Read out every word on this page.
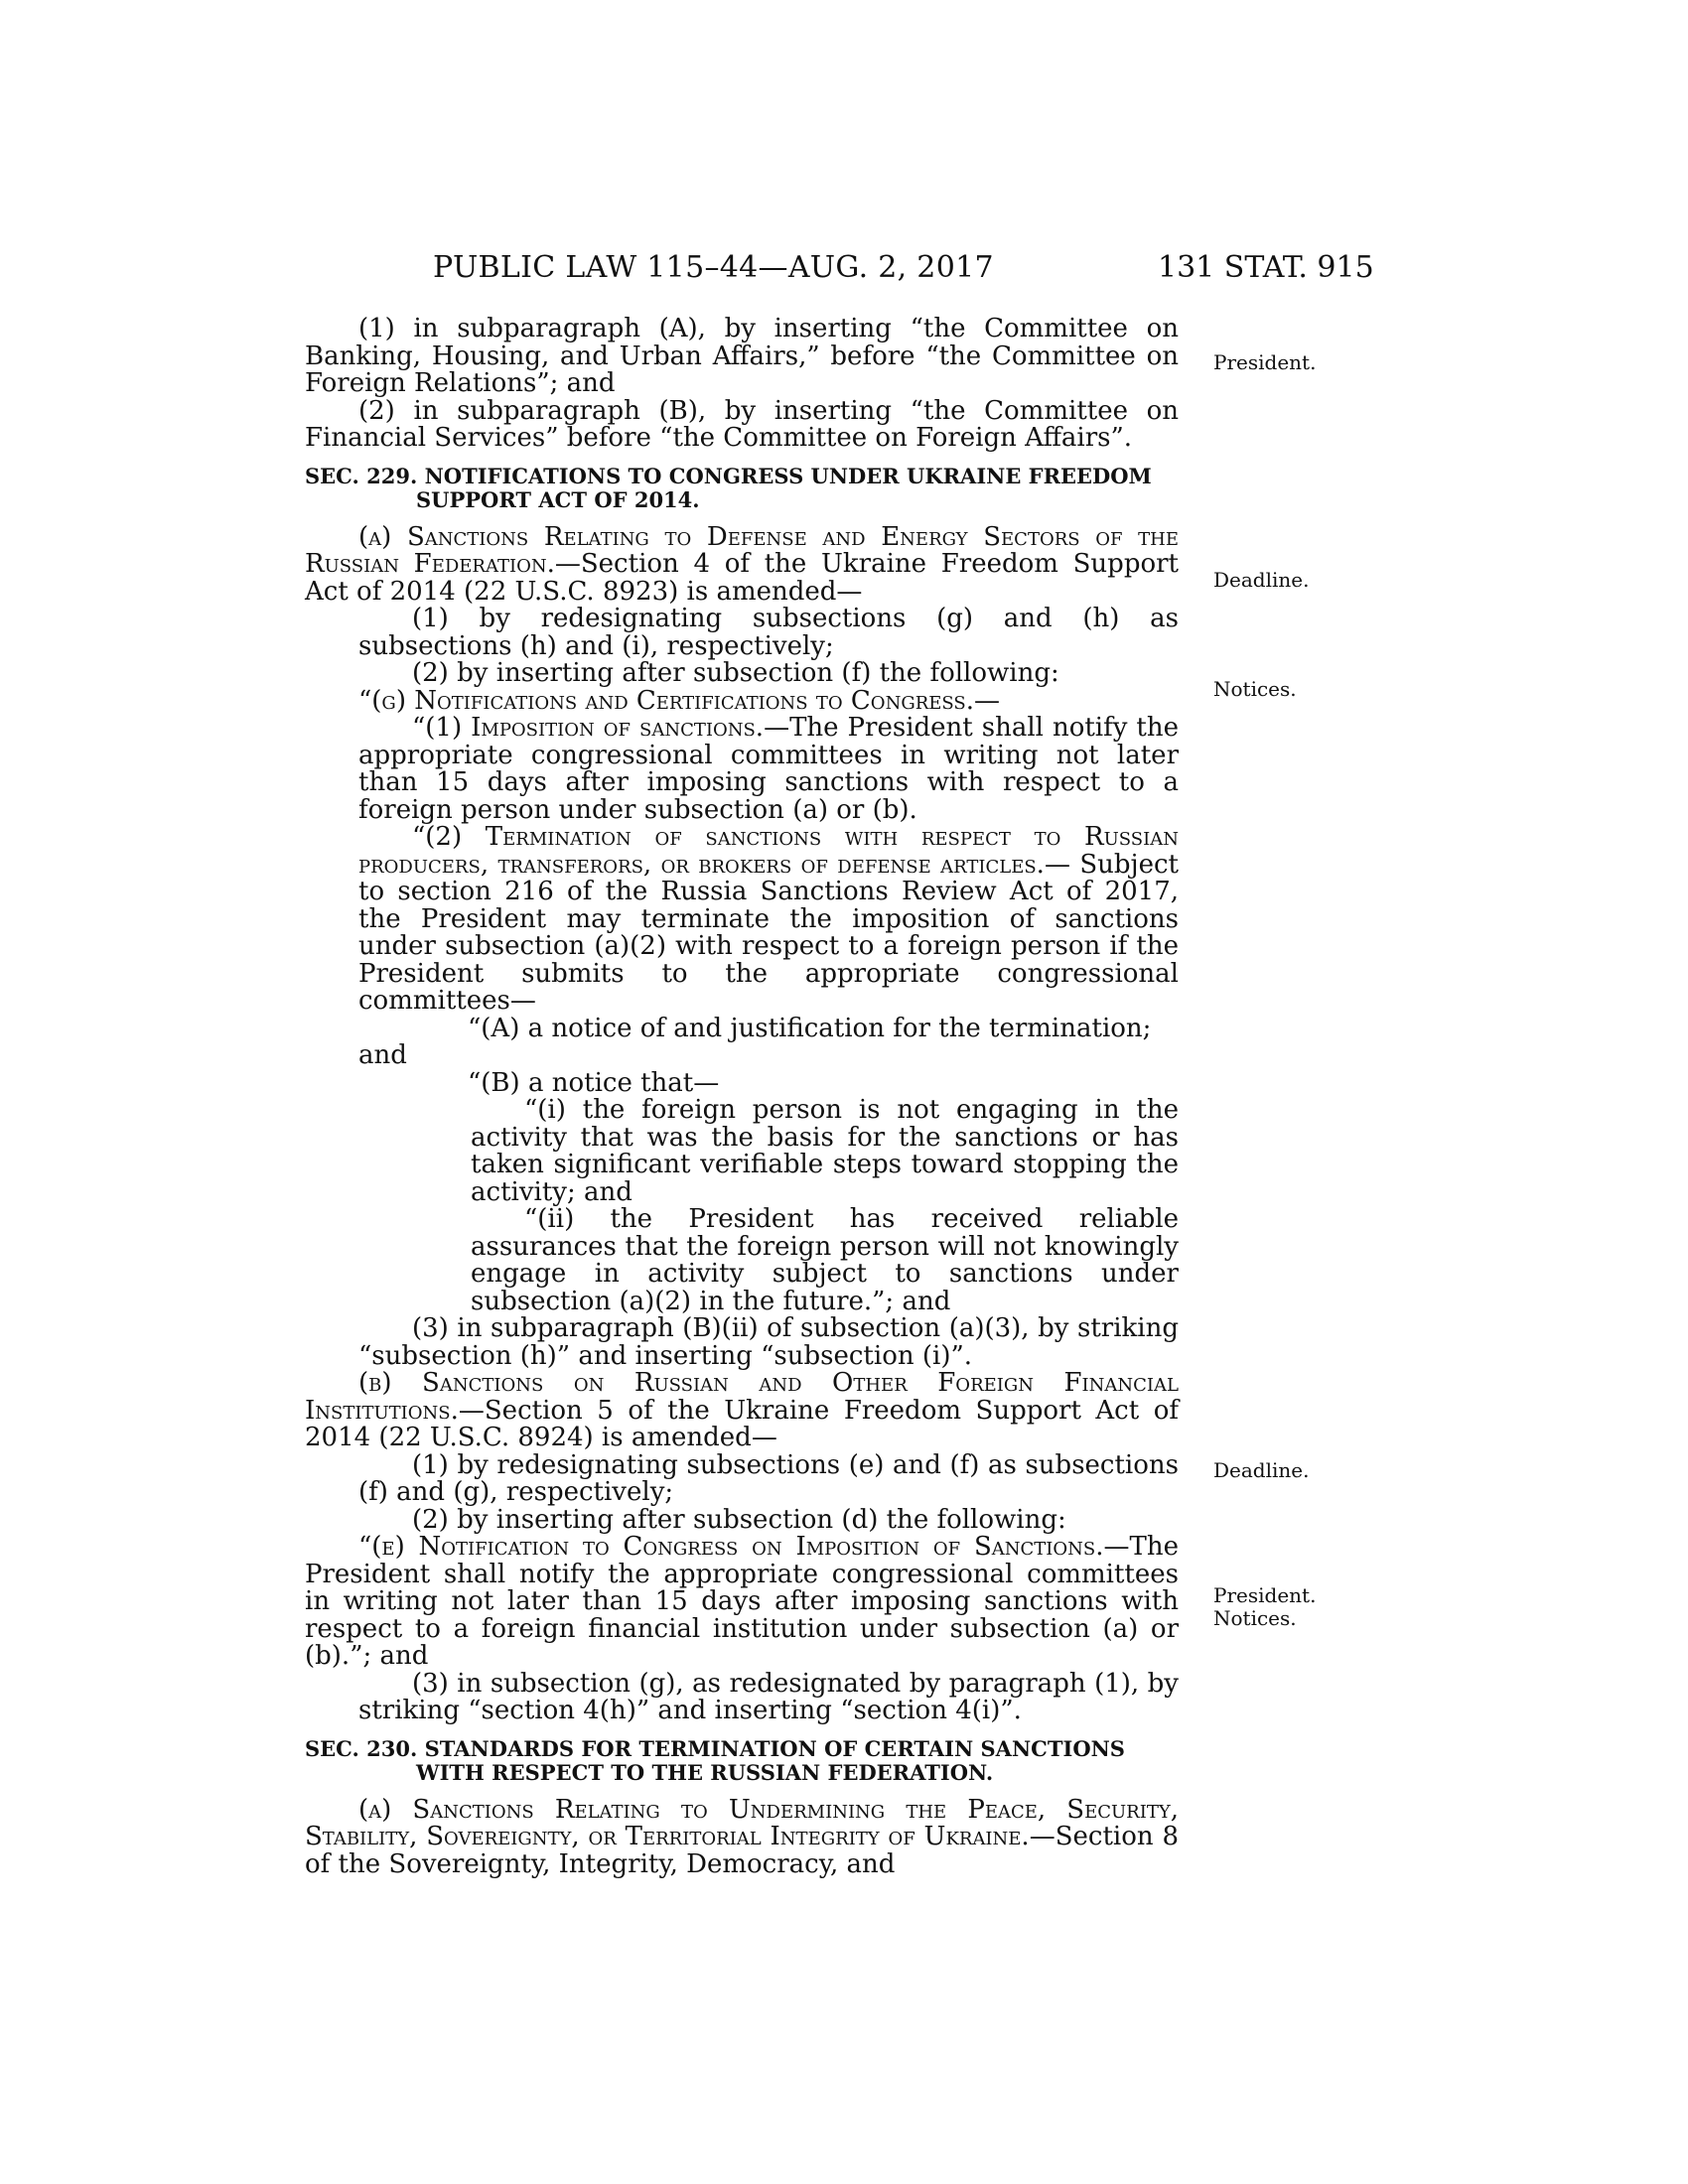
PUBLIC LAW 115–44—AUG. 2, 2017	131 STAT. 915

(1) in subparagraph (A), by inserting “the Committee on Banking, Housing, and Urban Affairs,” before “the Committee on Foreign Relations”; and

(2) in subparagraph (B), by inserting “the Committee on Financial Services” before “the Committee on Foreign Affairs”.

SEC. 229. NOTIFICATIONS TO CONGRESS UNDER UKRAINE FREEDOM SUPPORT ACT OF 2014.

(a) Sanctions Relating to Defense and Energy Sectors of the Russian Federation.—Section 4 of the Ukraine Freedom Support Act of 2014 (22 U.S.C. 8923) is amended—

(1) by redesignating subsections (g) and (h) as subsections (h) and (i), respectively;

(2) by inserting after subsection (f) the following:

“(g) Notifications and Certifications to Congress.—

“(1) Imposition of sanctions.—The President shall notify the appropriate congressional committees in writing not later than 15 days after imposing sanctions with respect to a foreign person under subsection (a) or (b).

“(2) Termination of sanctions with respect to Russian producers, transferors, or brokers of defense articles.— Subject to section 216 of the Russia Sanctions Review Act of 2017, the President may terminate the imposition of sanctions under subsection (a)(2) with respect to a foreign person if the President submits to the appropriate congressional committees—

“(A) a notice of and justification for the termination;

and

“(B) a notice that—

“(i) the foreign person is not engaging in the activity that was the basis for the sanctions or has taken significant verifiable steps toward stopping the activity; and

“(ii) the President has received reliable assurances that the foreign person will not knowingly engage in activity subject to sanctions under subsection (a)(2) in the future.”; and

(3) in subparagraph (B)(ii) of subsection (a)(3), by striking “subsection (h)” and inserting “subsection (i)”.

(b) Sanctions on Russian and Other Foreign Financial Institutions.—Section 5 of the Ukraine Freedom Support Act of 2014 (22 U.S.C. 8924) is amended—

(1) by redesignating subsections (e) and (f) as subsections (f) and (g), respectively;

(2) by inserting after subsection (d) the following:

“(e) Notification to Congress on Imposition of Sanctions.—The President shall notify the appropriate congressional committees in writing not later than 15 days after imposing sanctions with respect to a foreign financial institution under subsection (a) or (b).”; and

(3) in subsection (g), as redesignated by paragraph (1), by striking “section 4(h)” and inserting “section 4(i)”.

SEC. 230. STANDARDS FOR TERMINATION OF CERTAIN SANCTIONS WITH RESPECT TO THE RUSSIAN FEDERATION.

(a) Sanctions Relating to Undermining the Peace, Security, Stability, Sovereignty, or Territorial Integrity of Ukraine.—Section 8 of the Sovereignty, Integrity, Democracy, and

President.
Deadline.
Notices.
Deadline.
President.
Notices.
